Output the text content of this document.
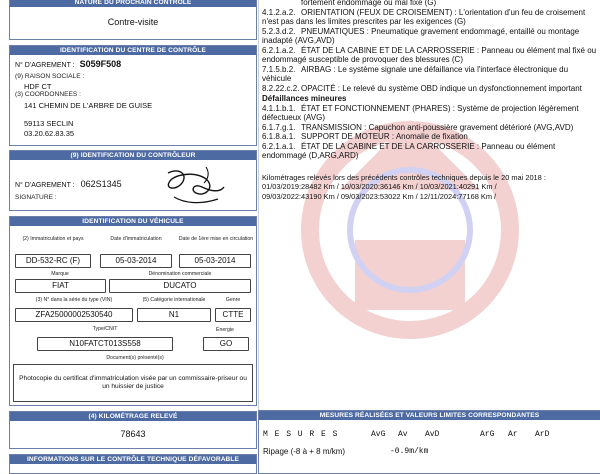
NATURE DU PROCHAIN CONTRÔLE
Contre-visite
IDENTIFICATION DU CENTRE DE CONTRÔLE
N° D'AGREMENT : S059F508
(9) RAISON SOCIALE :
HDF CT
(3) COORDONNEES :
141 CHEMIN DE L'ARBRE DE GUISE
59113 SECLIN
03.20.62.83.35
(9) IDENTIFICATION DU CONTRÔLEUR
N° D'AGREMENT : 062S1345
SIGNATURE :
IDENTIFICATION DU VÉHICULE
(2) Immatriculation et pays	Date d'immatriculation	Date de 1ère mise en circulation
DD-532-RC (F)	05-03-2014	05-03-2014
Marque	Dénomination commerciale
FIAT	DUCATO
(3) N° dans la série du type (VIN)	(5) Catégorie internationale	Genre
ZFA25000002530540	N1	CTTE
Type/CNIT	Énergie
N10FATCT013S558	GO
Document(s) présenté(s)
Photocopie du certificat d'immatriculation visée par un commissaire-priseur ou un huissier de justice
(4) KILOMÉTRAGE RELEVÉ
78643
INFORMATIONS SUR LE CONTRÔLE TECHNIQUE DÉFAVORABLE
fortement endommagé ou mal fixé (G)
4.1.2.a.2. ORIENTATION (FEUX DE CROISEMENT) : L'orientation d'un feu de croisement n'est pas dans les limites prescrites par les exigences (G)
5.2.3.d.2. PNEUMATIQUES : Pneumatique gravement endommagé, entaillé ou montage inadapté (AVG,AVD)
6.2.1.a.2. ÉTAT DE LA CABINE ET DE LA CARROSSERIE : Panneau ou élément mal fixé ou endommagé susceptible de provoquer des blessures (C)
7.1.5.b.2. AIRBAG : Le système signale une défaillance via l'interface électronique du véhicule
8.2.22.c.2. OPACITÉ : Le relevé du système OBD indique un dysfonctionnement important
Défaillances mineures
4.1.1.b.1. ÉTAT ET FONCTIONNEMENT (PHARES) : Système de projection légèrement défectueux (AVG)
6.1.7.g.1. TRANSMISSION : Capuchon anti-poussière gravement détérioré (AVG,AVD)
6.1.8.a.1. SUPPORT DE MOTEUR : Anomalie de fixation
6.2.1.a.1. ÉTAT DE LA CABINE ET DE LA CARROSSERIE : Panneau ou élément endommagé (D,ARG,ARD)
Kilométrages relevés lors des précédents contrôles techniques depuis le 20 mai 2018 :
01/03/2019:28482 Km / 10/03/2020:36146 Km / 10/03/2021:40291 Km /
09/03/2022:43190 Km / 09/03/2023:53022 Km / 12/11/2024:77168 Km /
MESURES RÉALISÉES ET VALEURS LIMITES CORRESPONDANTES
M E S U R E S	AvG Av AvD	ArG Ar ArD
Ripage (-8 à + 8 m/km)	-0.9m/km
